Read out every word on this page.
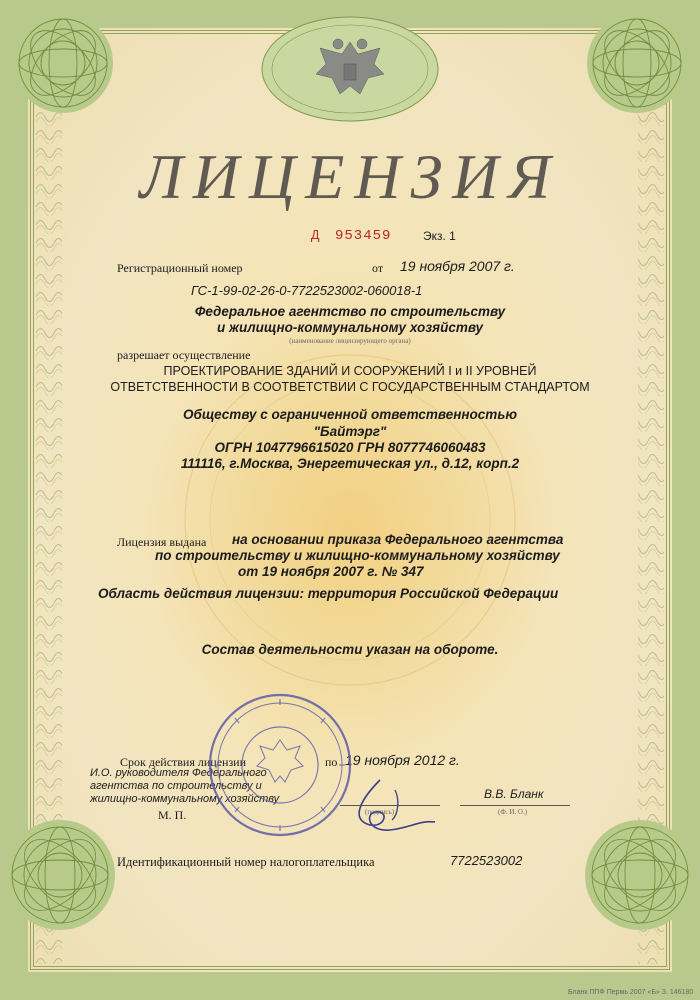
ЛИЦЕНЗИЯ
Д 953459	Экз. 1
Регистрационный номер	от 19 ноября 2007 г.
ГС-1-99-02-26-0-7722523002-060018-1
Федеральное агентство по строительству
и жилищно-коммунальному хозяйству
(наименование лицензирующего органа)
разрешает осуществление
ПРОЕКТИРОВАНИЕ ЗДАНИЙ И СООРУЖЕНИЙ I и II УРОВНЕЙ
ОТВЕТСТВЕННОСТИ В СООТВЕТСТВИИ С ГОСУДАРСТВЕННЫМ СТАНДАРТОМ
Обществу с ограниченной ответственностью
"Байтэрг"
ОГРН 1047796615020 ГРН 8077746060483
111116, г.Москва, Энергетическая ул., д.12, корп.2
Лицензия выдана на основании приказа Федерального агентства
по строительству и жилищно-коммунальному хозяйству
от 19 ноября 2007 г. № 347
Область действия лицензии: территория Российской Федерации
Состав деятельности указан на обороте.
Срок действия лицензии	по 19 ноября 2012 г.
И.О. руководителя Федерального
агентства по строительству и
жилищно-коммунальному хозяйству
М. П.
В.В. Бланк
(подпись)	(Ф. И. О.)
Идентификационный номер налогоплательщика	7722523002
Бланк ППФ Пермь 2007 «Б» З. 146180
